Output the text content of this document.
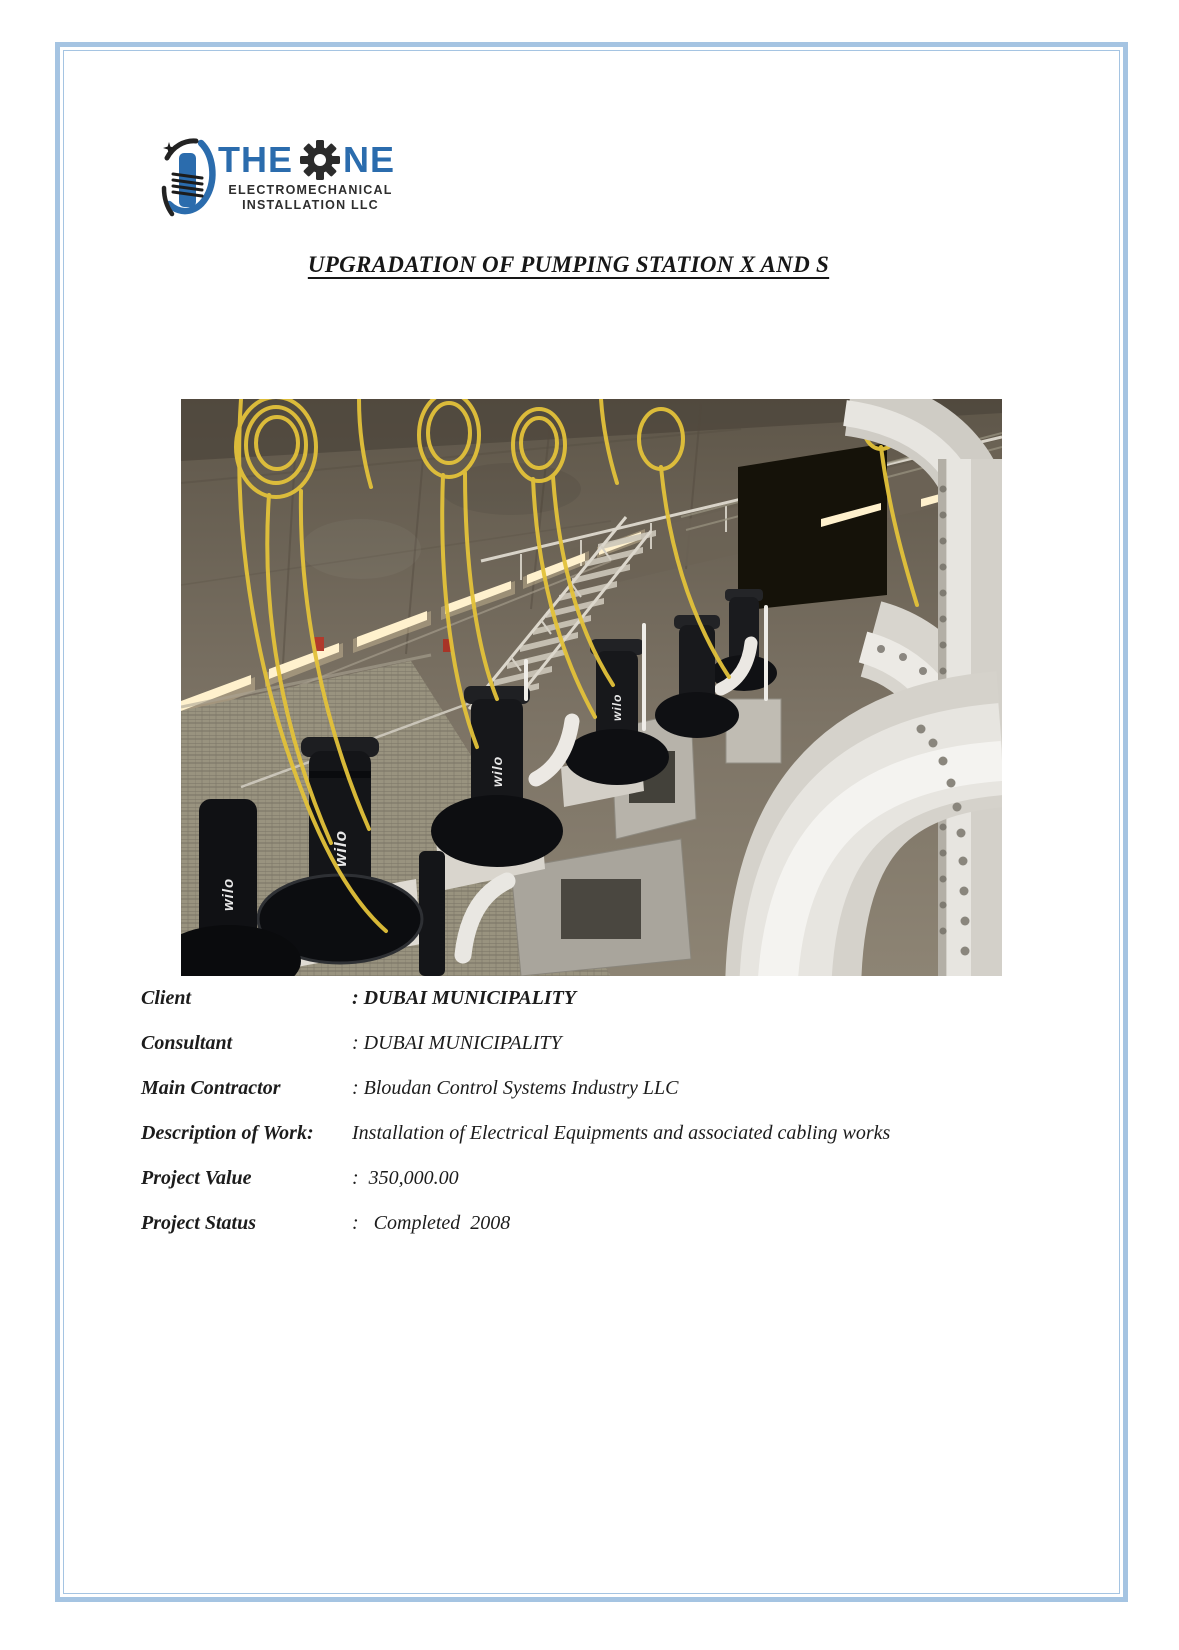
THE NE
ELECTROMECHANICAL
INSTALLATION LLC
UPGRADATION OF PUMPING STATION X AND S
wilo
wilo
wilo
wilo
Client	: DUBAI MUNICIPALITY
Consultant	: DUBAI MUNICIPALITY
Main Contractor	: Bloudan Control Systems Industry LLC
Description of Work:	Installation of Electrical Equipments and associated cabling works
Project Value	:  350,000.00
Project Status	:   Completed  2008
